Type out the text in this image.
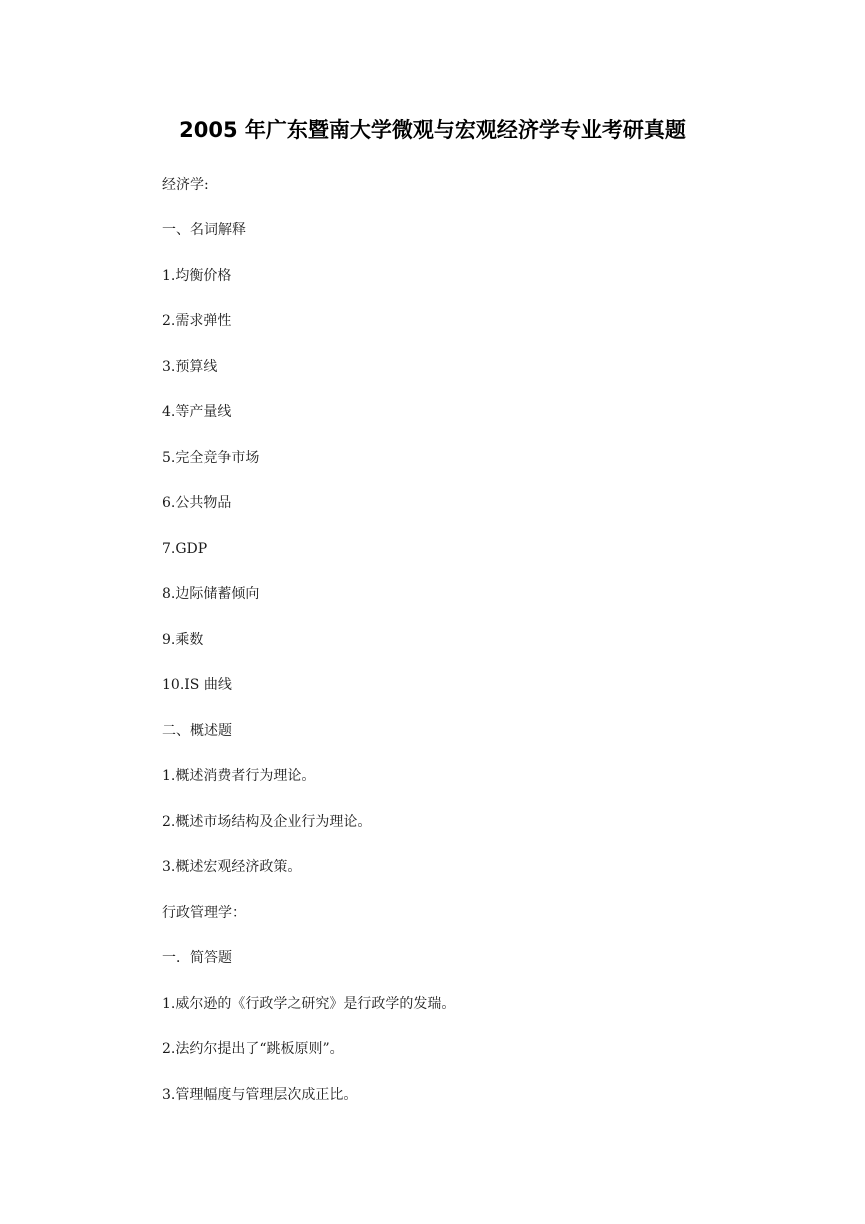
2005 年广东暨南大学微观与宏观经济学专业考研真题
经济学:
一、名词解释
1.均衡价格
2.需求弹性
3.预算线
4.等产量线
5.完全竞争市场
6.公共物品
7.GDP
8.边际储蓄倾向
9.乘数
10.IS 曲线
二、概述题
1.概述消费者行为理论。
2.概述市场结构及企业行为理论。
3.概述宏观经济政策。
行政管理学：
一．简答题
1.威尔逊的《行政学之研究》是行政学的发瑞。
2.法约尔提出了“跳板原则”。
3.管理幅度与管理层次成正比。
